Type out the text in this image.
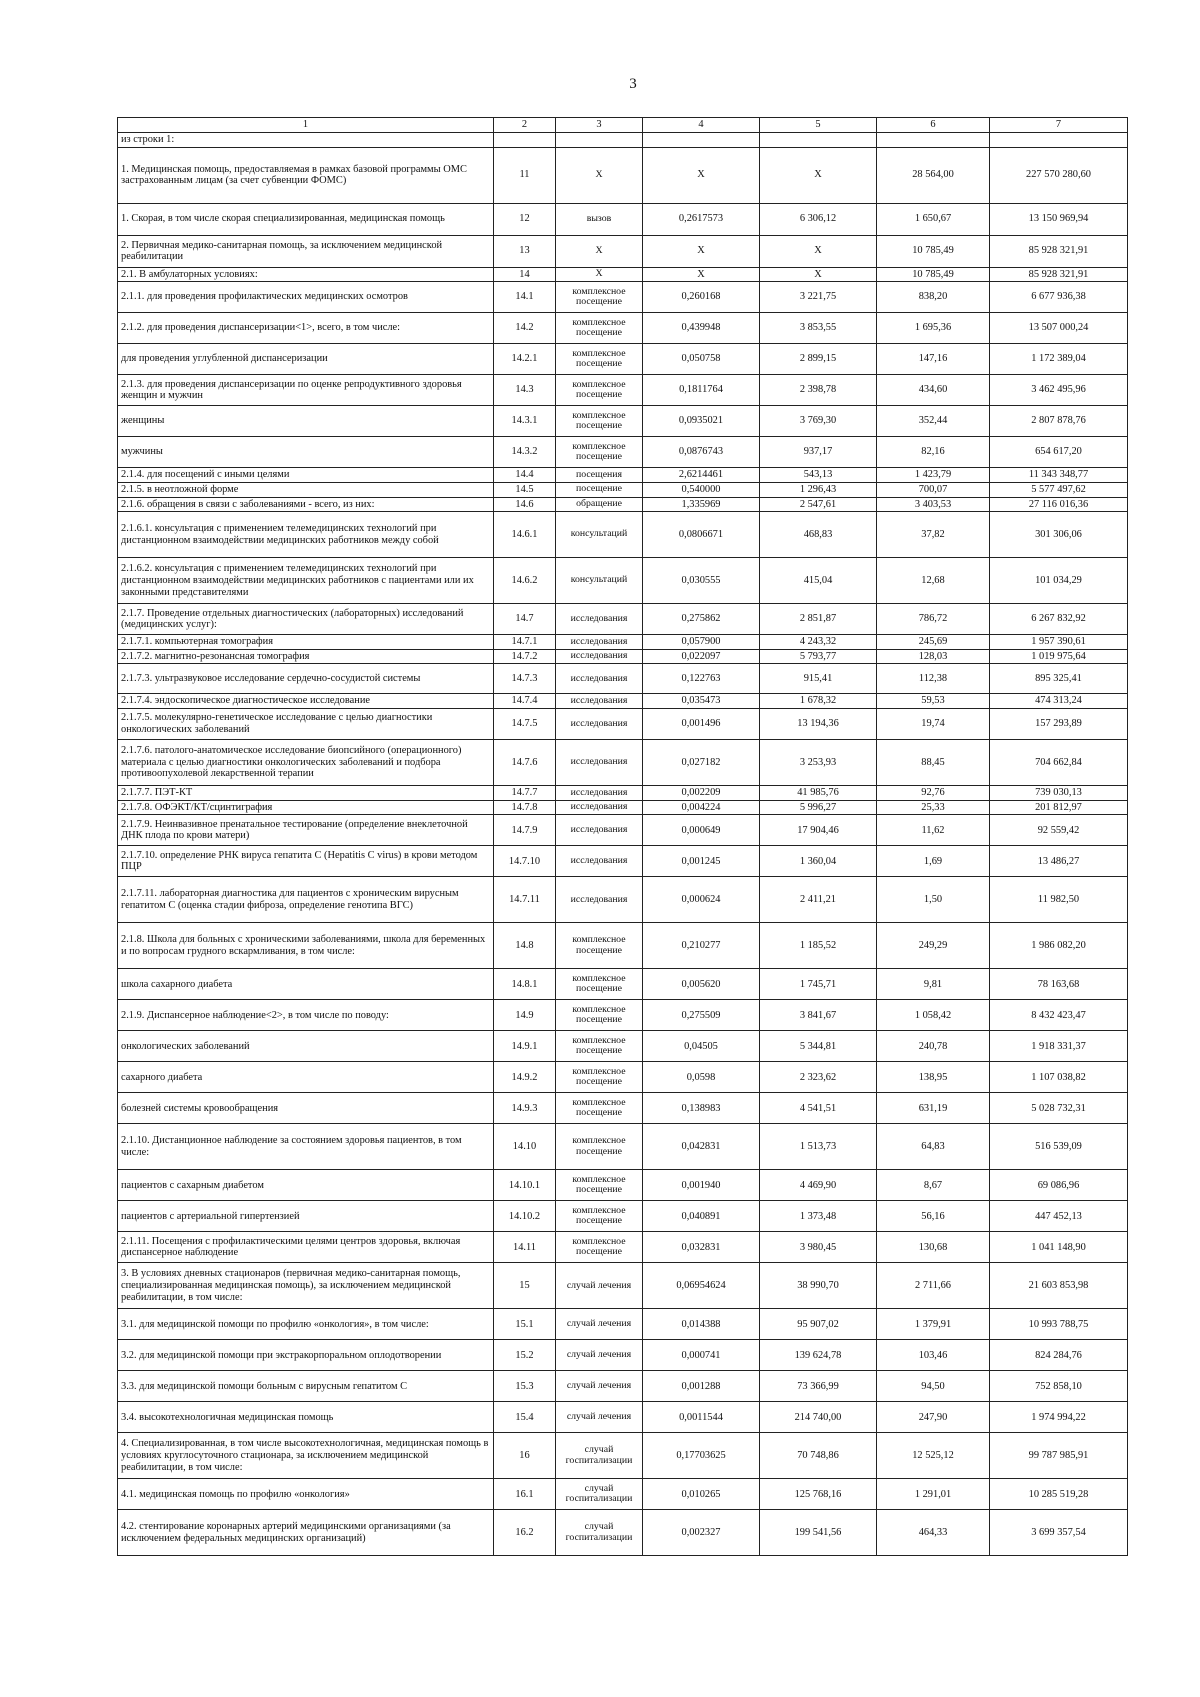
3
1	2	3	4	5	6	7
из строки 1:						
1. Медицинская помощь, предоставляемая в рамках базовой программы ОМС застрахованным лицам (за счет субвенции ФОМС)	11	X	X	X	28 564,00	227 570 280,60
1. Скорая, в том числе скорая специализированная, медицинская помощь	12	вызов	0,2617573	6 306,12	1 650,67	13 150 969,94
2. Первичная медико-санитарная помощь, за исключением медицинской реабилитации	13	X	X	X	10 785,49	85 928 321,91
2.1. В амбулаторных условиях:	14	X	X	X	10 785,49	85 928 321,91
2.1.1. для проведения профилактических медицинских осмотров	14.1	комплексное посещение	0,260168	3 221,75	838,20	6 677 936,38
2.1.2. для проведения диспансеризации<1>, всего, в том числе:	14.2	комплексное посещение	0,439948	3 853,55	1 695,36	13 507 000,24
для проведения углубленной диспансеризации	14.2.1	комплексное посещение	0,050758	2 899,15	147,16	1 172 389,04
2.1.3. для проведения диспансеризации по оценке репродуктивного здоровья женщин и мужчин	14.3	комплексное посещение	0,1811764	2 398,78	434,60	3 462 495,96
женщины	14.3.1	комплексное посещение	0,0935021	3 769,30	352,44	2 807 878,76
мужчины	14.3.2	комплексное посещение	0,0876743	937,17	82,16	654 617,20
2.1.4. для посещений с иными целями	14.4	посещения	2,6214461	543,13	1 423,79	11 343 348,77
2.1.5. в неотложной форме	14.5	посещение	0,540000	1 296,43	700,07	5 577 497,62
2.1.6. обращения в связи с заболеваниями - всего, из них:	14.6	обращение	1,335969	2 547,61	3 403,53	27 116 016,36
2.1.6.1. консультация с применением телемедицинских технологий при дистанционном взаимодействии медицинских работников между собой	14.6.1	консультаций	0,0806671	468,83	37,82	301 306,06
2.1.6.2. консультация с применением телемедицинских технологий при дистанционном взаимодействии медицинских работников с пациентами или их законными представителями	14.6.2	консультаций	0,030555	415,04	12,68	101 034,29
2.1.7. Проведение отдельных диагностических (лабораторных) исследований (медицинских услуг):	14.7	исследования	0,275862	2 851,87	786,72	6 267 832,92
2.1.7.1. компьютерная томография	14.7.1	исследования	0,057900	4 243,32	245,69	1 957 390,61
2.1.7.2. магнитно-резонансная томография	14.7.2	исследования	0,022097	5 793,77	128,03	1 019 975,64
2.1.7.3. ультразвуковое исследование сердечно-сосудистой системы	14.7.3	исследования	0,122763	915,41	112,38	895 325,41
2.1.7.4. эндоскопическое диагностическое исследование	14.7.4	исследования	0,035473	1 678,32	59,53	474 313,24
2.1.7.5. молекулярно-генетическое исследование с целью диагностики онкологических заболеваний	14.7.5	исследования	0,001496	13 194,36	19,74	157 293,89
2.1.7.6. патолого-анатомическое исследование биопсийного (операционного) материала с целью диагностики онкологических заболеваний и подбора противоопухолевой лекарственной терапии	14.7.6	исследования	0,027182	3 253,93	88,45	704 662,84
2.1.7.7. ПЭТ-КТ	14.7.7	исследования	0,002209	41 985,76	92,76	739 030,13
2.1.7.8. ОФЭКТ/КТ/сцинтиграфия	14.7.8	исследования	0,004224	5 996,27	25,33	201 812,97
2.1.7.9. Неинвазивное пренатальное тестирование (определение внеклеточной ДНК плода по крови матери)	14.7.9	исследования	0,000649	17 904,46	11,62	92 559,42
2.1.7.10. определение РНК вируса гепатита С (Hepatitis C virus) в крови методом ПЦР	14.7.10	исследования	0,001245	1 360,04	1,69	13 486,27
2.1.7.11. лабораторная диагностика для пациентов с хроническим вирусным гепатитом С (оценка стадии фиброза, определение генотипа ВГС)	14.7.11	исследования	0,000624	2 411,21	1,50	11 982,50
2.1.8. Школа для больных с хроническими заболеваниями, школа для беременных и по вопросам грудного вскармливания, в том числе:	14.8	комплексное посещение	0,210277	1 185,52	249,29	1 986 082,20
школа сахарного диабета	14.8.1	комплексное посещение	0,005620	1 745,71	9,81	78 163,68
2.1.9. Диспансерное наблюдение<2>, в том числе по поводу:	14.9	комплексное посещение	0,275509	3 841,67	1 058,42	8 432 423,47
онкологических заболеваний	14.9.1	комплексное посещение	0,04505	5 344,81	240,78	1 918 331,37
сахарного диабета	14.9.2	комплексное посещение	0,0598	2 323,62	138,95	1 107 038,82
болезней системы кровообращения	14.9.3	комплексное посещение	0,138983	4 541,51	631,19	5 028 732,31
2.1.10. Дистанционное наблюдение за состоянием здоровья пациентов, в том числе:	14.10	комплексное посещение	0,042831	1 513,73	64,83	516 539,09
пациентов с сахарным диабетом	14.10.1	комплексное посещение	0,001940	4 469,90	8,67	69 086,96
пациентов с артериальной гипертензией	14.10.2	комплексное посещение	0,040891	1 373,48	56,16	447 452,13
2.1.11. Посещения с профилактическими целями центров здоровья, включая диспансерное наблюдение	14.11	комплексное посещение	0,032831	3 980,45	130,68	1 041 148,90
3. В условиях дневных стационаров (первичная медико-санитарная помощь, специализированная медицинская помощь), за исключением медицинской реабилитации, в том числе:	15	случай лечения	0,06954624	38 990,70	2 711,66	21 603 853,98
3.1. для медицинской помощи по профилю «онкология», в том числе:	15.1	случай лечения	0,014388	95 907,02	1 379,91	10 993 788,75
3.2. для медицинской помощи при экстракорпоральном оплодотворении	15.2	случай лечения	0,000741	139 624,78	103,46	824 284,76
3.3. для медицинской помощи больным с вирусным гепатитом С	15.3	случай лечения	0,001288	73 366,99	94,50	752 858,10
3.4. высокотехнологичная медицинская помощь	15.4	случай лечения	0,0011544	214 740,00	247,90	1 974 994,22
4. Специализированная, в том числе высокотехнологичная, медицинская помощь в условиях круглосуточного стационара, за исключением медицинской реабилитации, в том числе:	16	случай госпитализации	0,17703625	70 748,86	12 525,12	99 787 985,91
4.1. медицинская помощь по профилю «онкология»	16.1	случай госпитализации	0,010265	125 768,16	1 291,01	10 285 519,28
4.2. стентирование коронарных артерий медицинскими организациями (за исключением федеральных медицинских организаций)	16.2	случай госпитализации	0,002327	199 541,56	464,33	3 699 357,54
